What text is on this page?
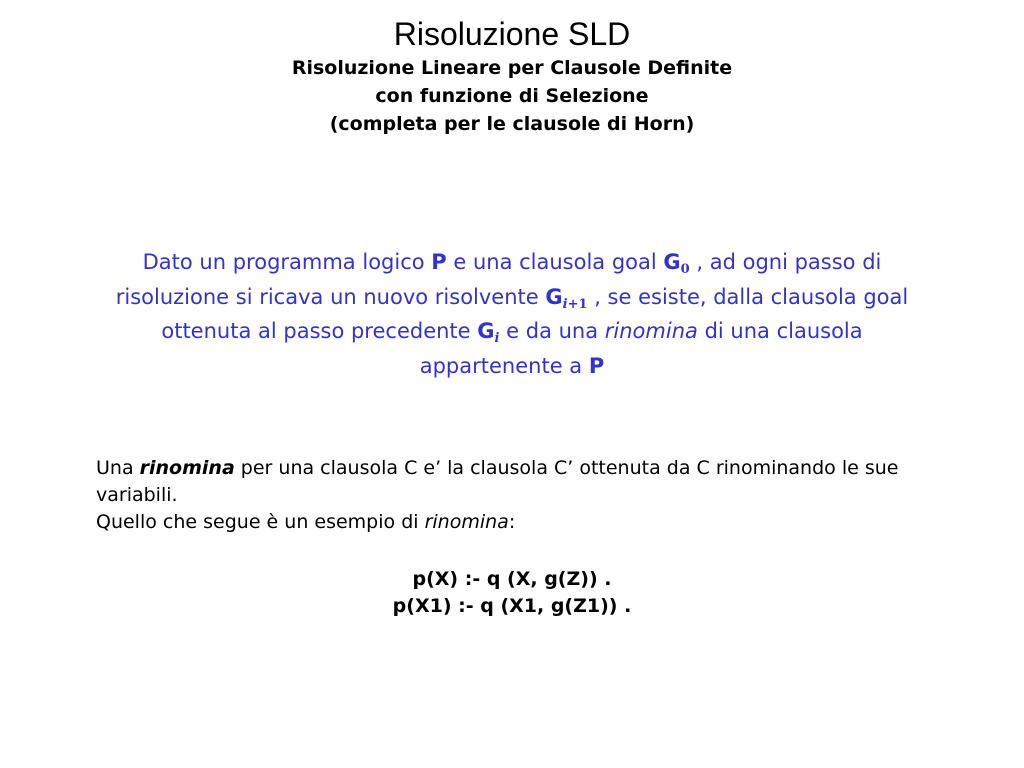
Risoluzione SLD
Risoluzione Lineare per Clausole Definite
con funzione di Selezione
(completa per le clausole di Horn)
Dato un programma logico P e una clausola goal $G_0$ , ad ogni passo di risoluzione si ricava un nuovo risolvente $G_{i+1}$ , se esiste, dalla clausola goal ottenuta al passo precedente $G_i$ e da una rinomina di una clausola appartenente a P

Una rinomina per una clausola C e’ la clausola C’ ottenuta da C rinominando le sue variabili.

Quello che segue è un esempio di rinomina:

p(X) :- q (X, g(Z)) .
p(X1) :- q (X1, g(Z1)) .
